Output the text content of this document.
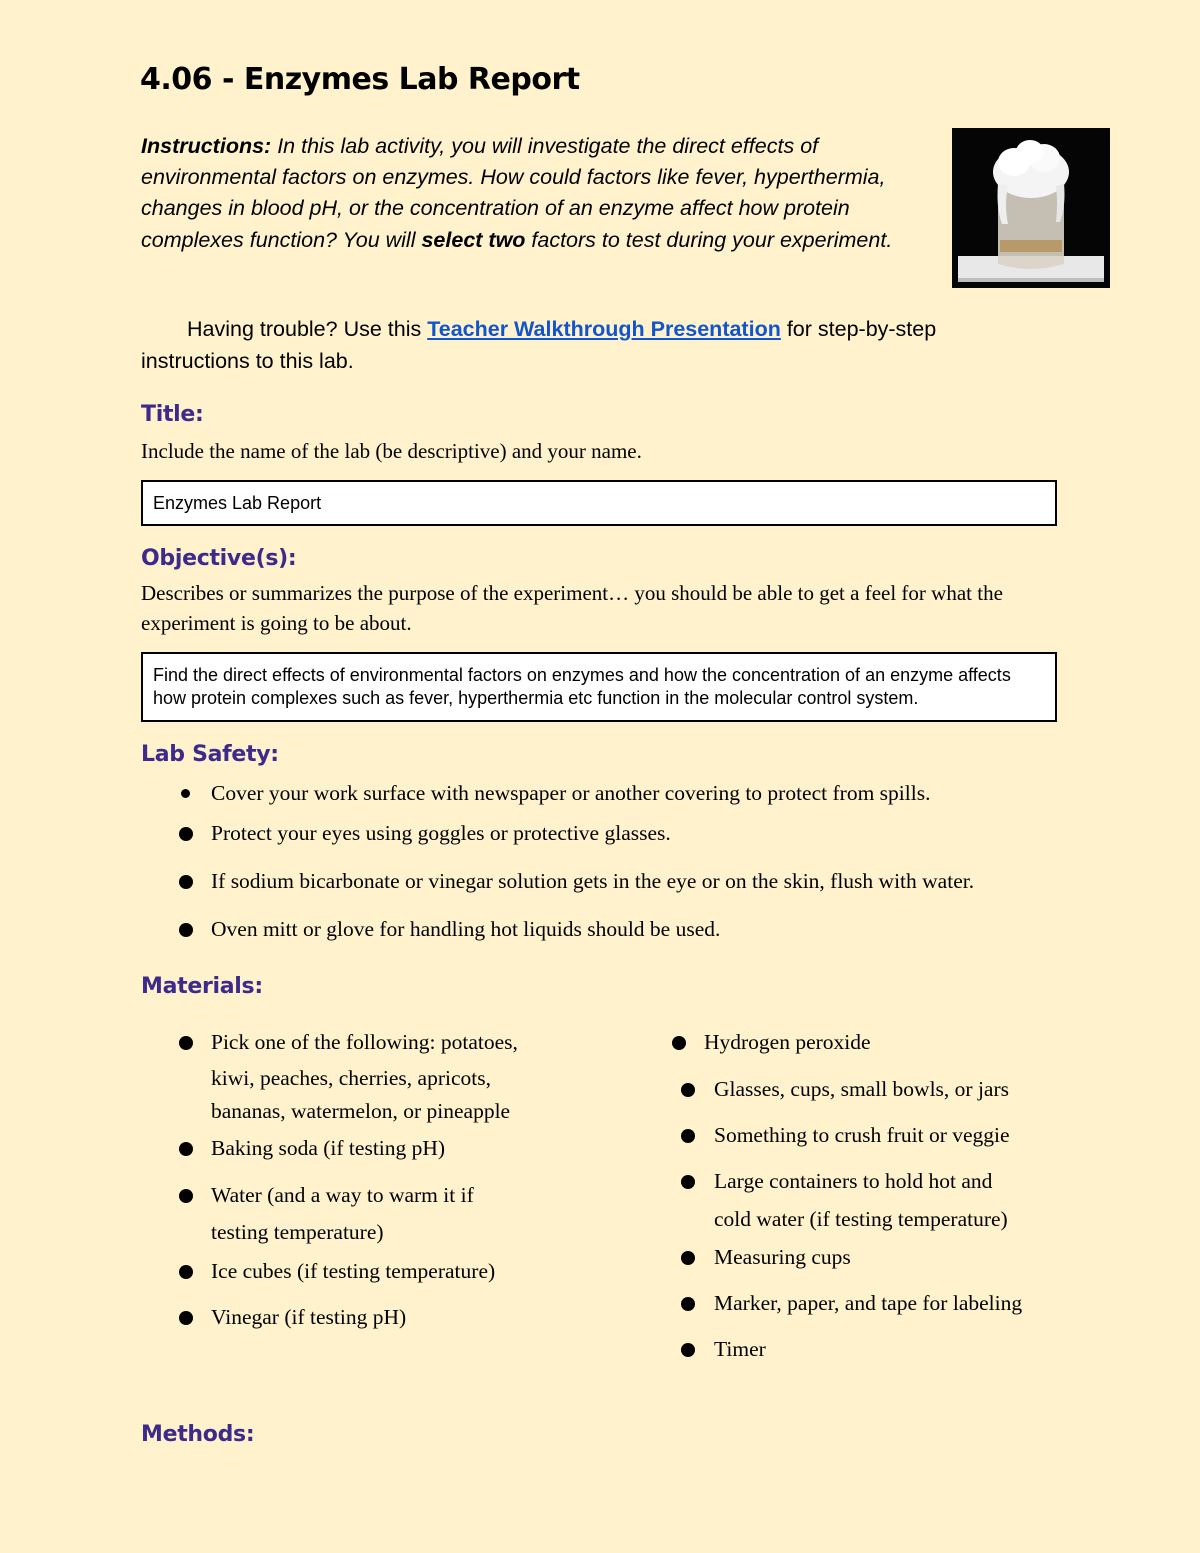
4.06 - Enzymes Lab Report
Instructions: In this lab activity, you will investigate the direct effects of environmental factors on enzymes. How could factors like fever, hyperthermia, changes in blood pH, or the concentration of an enzyme affect how protein complexes function? You will select two factors to test during your experiment.
Having trouble? Use this Teacher Walkthrough Presentation for step-by-step instructions to this lab.
Title:
Include the name of the lab (be descriptive) and your name.
Enzymes Lab Report
Objective(s):
Describes or summarizes the purpose of the experiment… you should be able to get a feel for what the experiment is going to be about.
Find the direct effects of environmental factors on enzymes and how the concentration of an enzyme affects how protein complexes such as fever, hyperthermia etc function in the molecular control system.
Lab Safety:
Cover your work surface with newspaper or another covering to protect from spills.
Protect your eyes using goggles or protective glasses.
If sodium bicarbonate or vinegar solution gets in the eye or on the skin, flush with water.
Oven mitt or glove for handling hot liquids should be used.
Materials:
Pick one of the following: potatoes,
kiwi, peaches, cherries, apricots,
bananas, watermelon, or pineapple
Baking soda (if testing pH)
Water (and a way to warm it if
testing temperature)
Ice cubes (if testing temperature)
Vinegar (if testing pH)
Hydrogen peroxide
Glasses, cups, small bowls, or jars
Something to crush fruit or veggie
Large containers to hold hot and
cold water (if testing temperature)
Measuring cups
Marker, paper, and tape for labeling
Timer
Methods:
